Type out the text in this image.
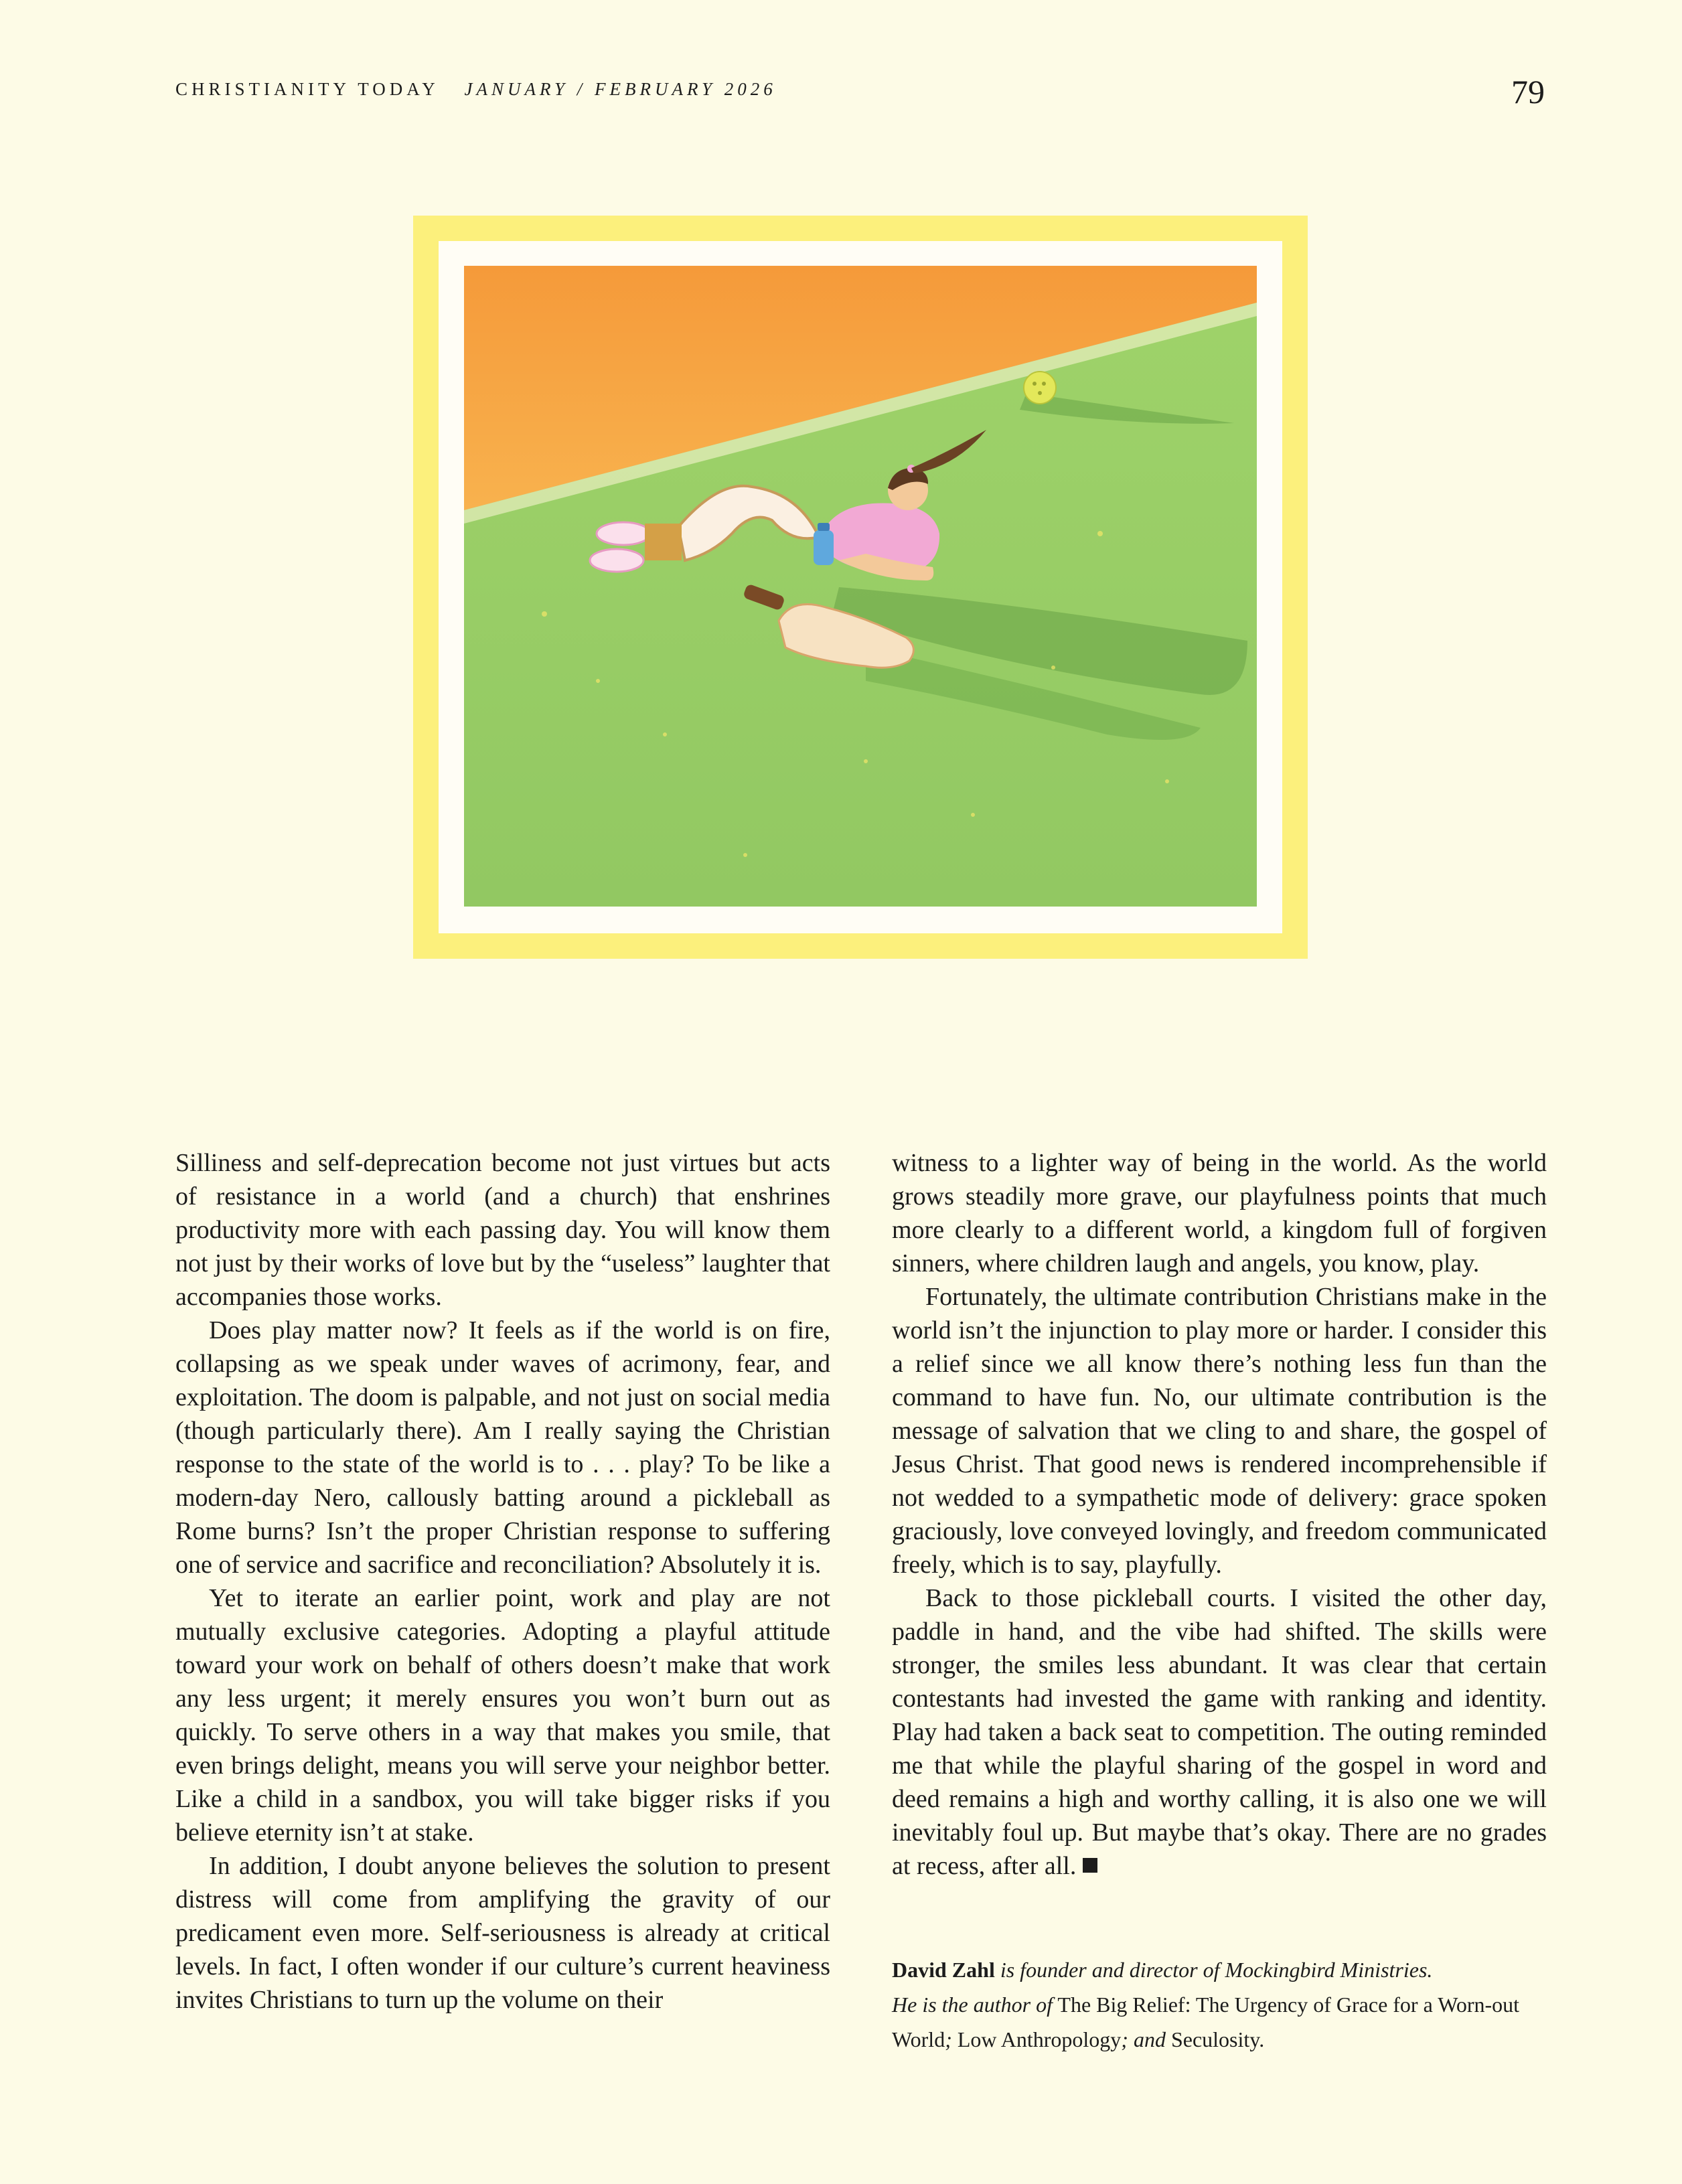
CHRISTIANITY TODAY JANUARY / FEBRUARY 2026	79

Silliness and self-deprecation become not just virtues but acts of resistance in a world (and a church) that enshrines productivity more with each passing day. You will know them not just by their works of love but by the “useless” laughter that accompanies those works.

Does play matter now? It feels as if the world is on fire, collapsing as we speak under waves of acrimony, fear, and exploitation. The doom is palpable, and not just on social media (though particularly there). Am I really saying the Christian response to the state of the world is to . . . play? To be like a modern-day Nero, callously batting around a pickleball as Rome burns? Isn’t the proper Christian response to suffering one of service and sacrifice and reconciliation? Absolutely it is.

Yet to iterate an earlier point, work and play are not mutually exclusive categories. Adopting a playful attitude toward your work on behalf of others doesn’t make that work any less urgent; it merely ensures you won’t burn out as quickly. To serve others in a way that makes you smile, that even brings delight, means you will serve your neighbor better. Like a child in a sandbox, you will take bigger risks if you believe eternity isn’t at stake.

In addition, I doubt anyone believes the solution to present distress will come from amplifying the gravity of our predicament even more. Self-seriousness is already at critical levels. In fact, I often wonder if our culture’s current heaviness invites Christians to turn up the volume on their

witness to a lighter way of being in the world. As the world grows steadily more grave, our playfulness points that much more clearly to a different world, a kingdom full of forgiven sinners, where children laugh and angels, you know, play.

Fortunately, the ultimate contribution Christians make in the world isn’t the injunction to play more or harder. I consider this a relief since we all know there’s nothing less fun than the command to have fun. No, our ultimate contribution is the message of salvation that we cling to and share, the gospel of Jesus Christ. That good news is rendered incomprehensible if not wedded to a sympathetic mode of delivery: grace spoken graciously, love conveyed lovingly, and freedom communicated freely, which is to say, playfully.

Back to those pickleball courts. I visited the other day, paddle in hand, and the vibe had shifted. The skills were stronger, the smiles less abundant. It was clear that certain contestants had invested the game with ranking and identity. Play had taken a back seat to competition. The outing reminded me that while the playful sharing of the gospel in word and deed remains a high and worthy calling, it is also one we will inevitably foul up. But maybe that’s okay. There are no grades at recess, after all.

David Zahl is founder and director of Mockingbird Ministries.
He is the author of The Big Relief: The Urgency of Grace for a Worn-out World; Low Anthropology; and Seculosity.
